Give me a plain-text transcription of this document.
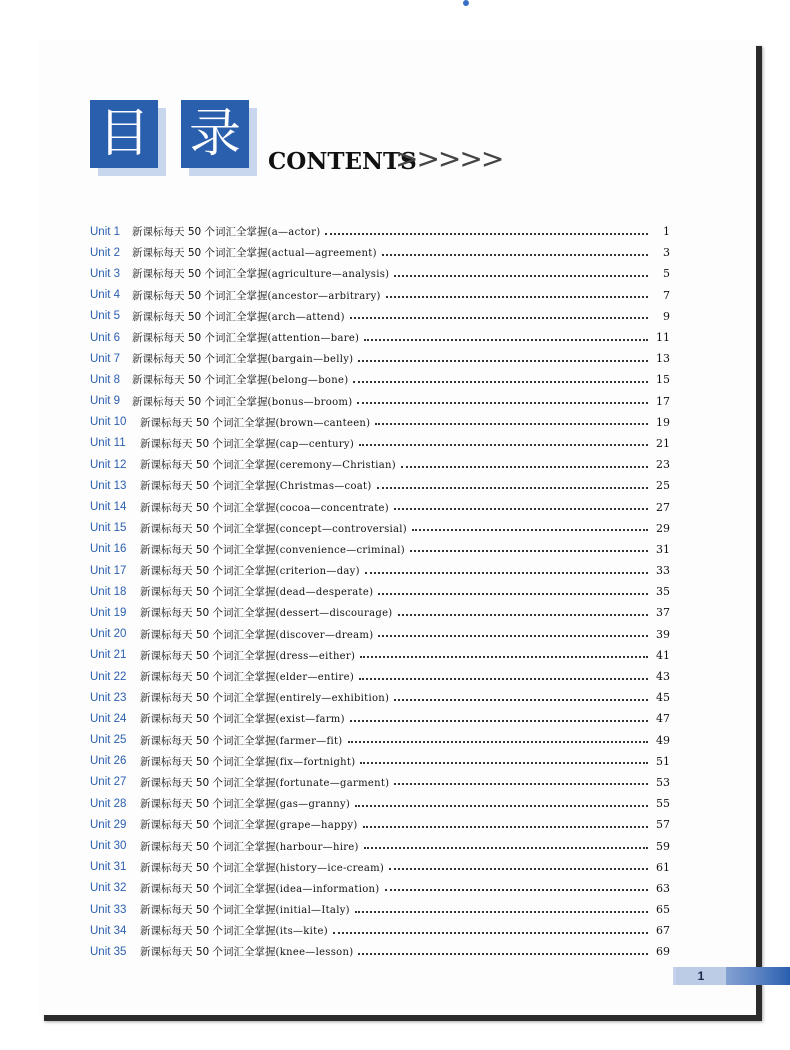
目 录	CONTENTS
>>>>>
Unit 1	新课标每天 50 个词汇全掌握(a—actor)	1
Unit 2	新课标每天 50 个词汇全掌握(actual—agreement)	3
Unit 3	新课标每天 50 个词汇全掌握(agriculture—analysis)	5
Unit 4	新课标每天 50 个词汇全掌握(ancestor—arbitrary)	7
Unit 5	新课标每天 50 个词汇全掌握(arch—attend)	9
Unit 6	新课标每天 50 个词汇全掌握(attention—bare)	11
Unit 7	新课标每天 50 个词汇全掌握(bargain—belly)	13
Unit 8	新课标每天 50 个词汇全掌握(belong—bone)	15
Unit 9	新课标每天 50 个词汇全掌握(bonus—broom)	17
Unit 10	新课标每天 50 个词汇全掌握(brown—canteen)	19
Unit 11	新课标每天 50 个词汇全掌握(cap—century)	21
Unit 12	新课标每天 50 个词汇全掌握(ceremony—Christian)	23
Unit 13	新课标每天 50 个词汇全掌握(Christmas—coat)	25
Unit 14	新课标每天 50 个词汇全掌握(cocoa—concentrate)	27
Unit 15	新课标每天 50 个词汇全掌握(concept—controversial)	29
Unit 16	新课标每天 50 个词汇全掌握(convenience—criminal)	31
Unit 17	新课标每天 50 个词汇全掌握(criterion—day)	33
Unit 18	新课标每天 50 个词汇全掌握(dead—desperate)	35
Unit 19	新课标每天 50 个词汇全掌握(dessert—discourage)	37
Unit 20	新课标每天 50 个词汇全掌握(discover—dream)	39
Unit 21	新课标每天 50 个词汇全掌握(dress—either)	41
Unit 22	新课标每天 50 个词汇全掌握(elder—entire)	43
Unit 23	新课标每天 50 个词汇全掌握(entirely—exhibition)	45
Unit 24	新课标每天 50 个词汇全掌握(exist—farm)	47
Unit 25	新课标每天 50 个词汇全掌握(farmer—fit)	49
Unit 26	新课标每天 50 个词汇全掌握(fix—fortnight)	51
Unit 27	新课标每天 50 个词汇全掌握(fortunate—garment)	53
Unit 28	新课标每天 50 个词汇全掌握(gas—granny)	55
Unit 29	新课标每天 50 个词汇全掌握(grape—happy)	57
Unit 30	新课标每天 50 个词汇全掌握(harbour—hire)	59
Unit 31	新课标每天 50 个词汇全掌握(history—ice-cream)	61
Unit 32	新课标每天 50 个词汇全掌握(idea—information)	63
Unit 33	新课标每天 50 个词汇全掌握(initial—Italy)	65
Unit 34	新课标每天 50 个词汇全掌握(its—kite)	67
Unit 35	新课标每天 50 个词汇全掌握(knee—lesson)	69
1
